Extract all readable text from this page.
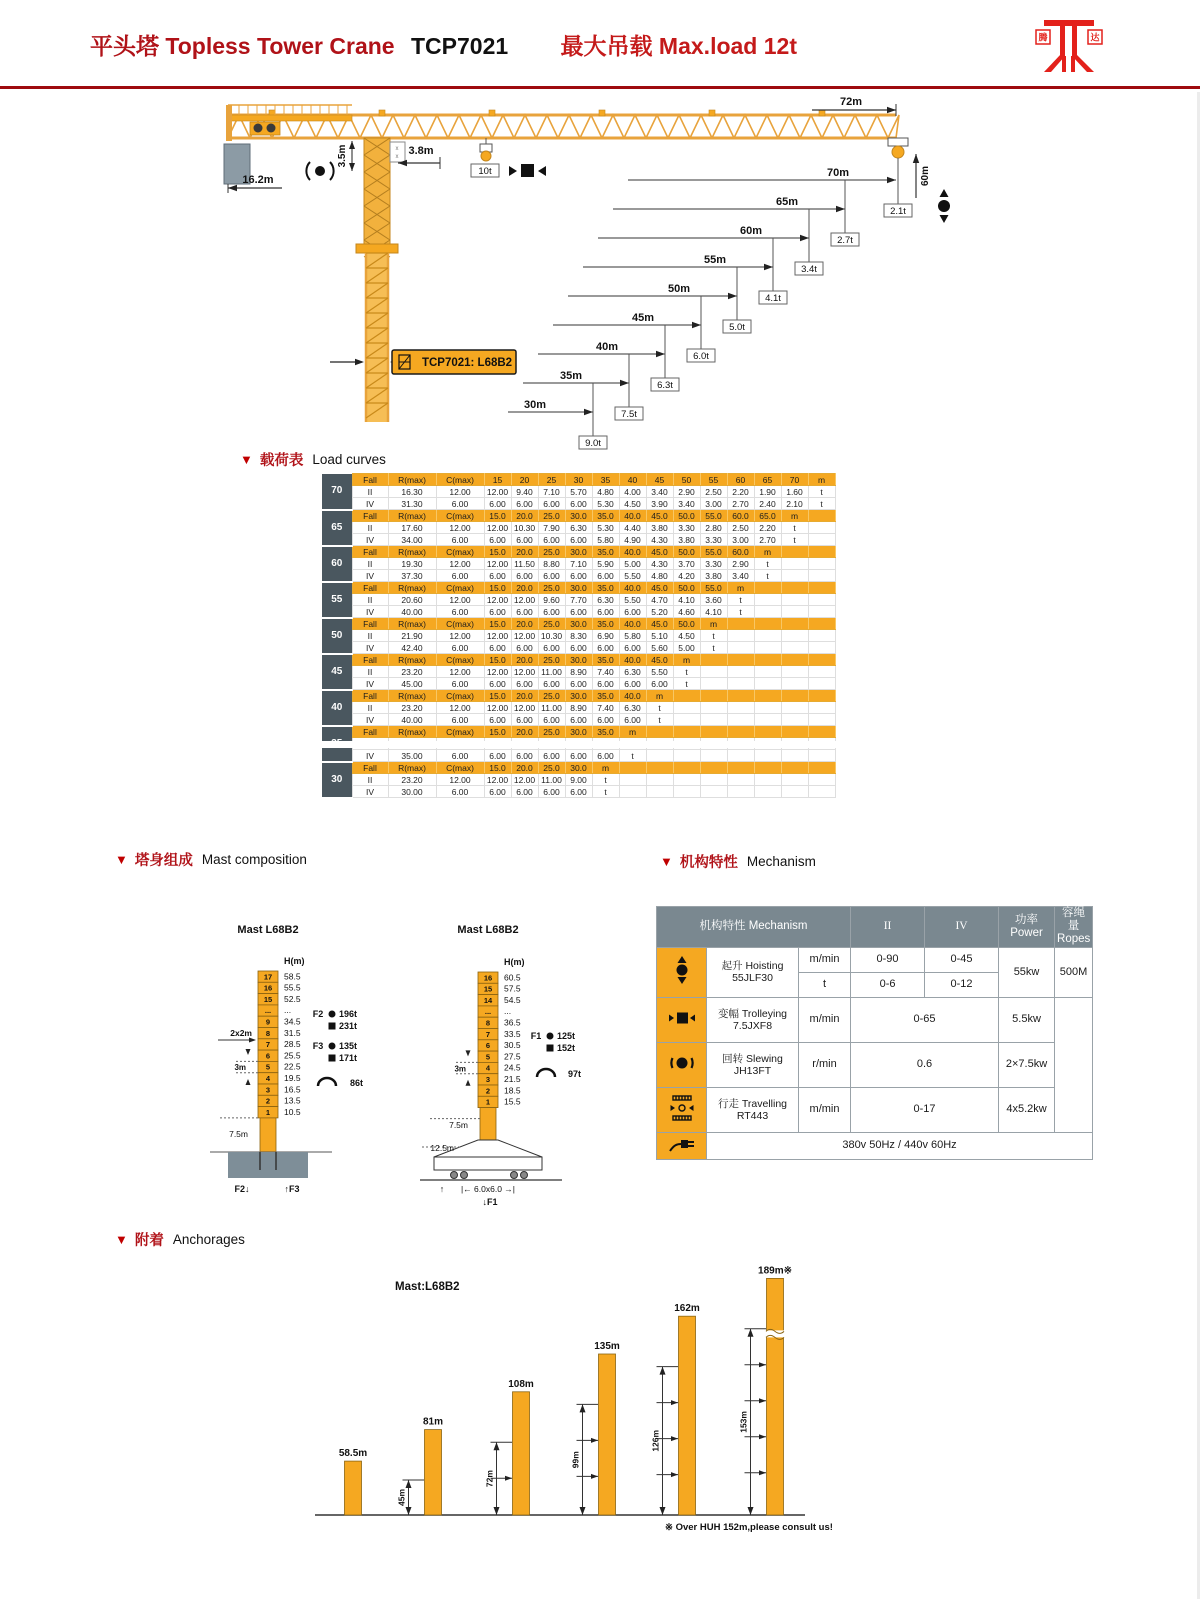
平头塔 Topless Tower Crane TCP7021 最大吊载 Max.load 12t	腾	达
x
x
16.2m
3.5m	3.8m
10t
72m
60m
70m
2.1t
65m
2.7t
60m
3.4t
55m
4.1t
50m
5.0t
45m
6.0t
40m
6.3t
35m
7.5t
30m
9.0t
TCP7021: L68B2
▼ 载荷表 Load curves
70	Fall	R(max)	C(max)	15	20	25	30	35	40	45	50	55	60	65	70	m
	II	16.30	12.00	12.00	9.40	7.10	5.70	4.80	4.00	3.40	2.90	2.50	2.20	1.90	1.60	t
	IV	31.30	6.00	6.00	6.00	6.00	6.00	5.30	4.50	3.90	3.40	3.00	2.70	2.40	2.10	t
65	Fall	R(max)	C(max)	15.0	20.0	25.0	30.0	35.0	40.0	45.0	50.0	55.0	60.0	65.0	m	
	II	17.60	12.00	12.00	10.30	7.90	6.30	5.30	4.40	3.80	3.30	2.80	2.50	2.20	t	
	IV	34.00	6.00	6.00	6.00	6.00	6.00	5.80	4.90	4.30	3.80	3.30	3.00	2.70	t	
60	Fall	R(max)	C(max)	15.0	20.0	25.0	30.0	35.0	40.0	45.0	50.0	55.0	60.0	m		
	II	19.30	12.00	12.00	11.50	8.80	7.10	5.90	5.00	4.30	3.70	3.30	2.90	t		
	IV	37.30	6.00	6.00	6.00	6.00	6.00	6.00	5.50	4.80	4.20	3.80	3.40	t		
55	Fall	R(max)	C(max)	15.0	20.0	25.0	30.0	35.0	40.0	45.0	50.0	55.0	m			
	II	20.60	12.00	12.00	12.00	9.60	7.70	6.30	5.50	4.70	4.10	3.60	t			
	IV	40.00	6.00	6.00	6.00	6.00	6.00	6.00	6.00	5.20	4.60	4.10	t			
50	Fall	R(max)	C(max)	15.0	20.0	25.0	30.0	35.0	40.0	45.0	50.0	m				
	II	21.90	12.00	12.00	12.00	10.30	8.30	6.90	5.80	5.10	4.50	t				
	IV	42.40	6.00	6.00	6.00	6.00	6.00	6.00	6.00	5.60	5.00	t				
45	Fall	R(max)	C(max)	15.0	20.0	25.0	30.0	35.0	40.0	45.0	m					
	II	23.20	12.00	12.00	12.00	11.00	8.90	7.40	6.30	5.50	t					
	IV	45.00	6.00	6.00	6.00	6.00	6.00	6.00	6.00	6.00	t					
40	Fall	R(max)	C(max)	15.0	20.0	25.0	30.0	35.0	40.0	m						
	II	23.20	12.00	12.00	12.00	11.00	8.90	7.40	6.30	t						
	IV	40.00	6.00	6.00	6.00	6.00	6.00	6.00	6.00	t						
	Fall	R(max)	C(max)	15.0	20.0	25.0	30.0	35.0	m							

	IV	35.00	6.00	6.00	6.00	6.00	6.00	6.00	t							
30	Fall	R(max)	C(max)	15.0	20.0	25.0	30.0	m								
	II	23.20	12.00	12.00	12.00	11.00	9.00	t								
	IV	30.00	6.00	6.00	6.00	6.00	6.00	t								
▼ 塔身组成 Mast composition
Mast L68B2
17 58.5
16 55.5
15 52.5
... ...
9 34.5
8 31.5
7 28.5
6 25.5
5 22.5
4 19.5
3 16.5
2 13.5
1 10.5
H(m)
7.5m
2x2m
3m
F2↓	↑F3
F2 196t
231t
F3 135t
171t
86t
Mast L68B2
16 60.5
15 57.5
14 54.5
... ...
8 36.5
7 33.5
6 30.5
5 27.5
4 24.5
3 21.5
2 18.5
1 15.5
H(m)
|← 6.0x6.0 →|
↑
↓F1
7.5m
12.5m
3m
F1 125t
152t
97t
▼ 机构特性 Mechanism
机构特性 Mechanism			II	IV	功率 Power	容绳量
Ropes
	起升 Hoisting
55JLF30	m/min	0-90	0-45	55kw	500M
		t	0-6	0-12		
	变幅 Trolleying
7.5JXF8	m/min	0-65		5.5kw	
	回转 Slewing
JH13FT	r/min	0.6		2×7.5kw	
	行走 Travelling
RT443	m/min	0-17		4x5.2kw	
	380v 50Hz / 440v 60Hz					
▼ 附着 Anchorages
Mast:L68B2
58.5m
81m
45m
108m
72m
135m
99m
162m
126m
189m※
153m
※ Over HUH 152m,please consult us!
